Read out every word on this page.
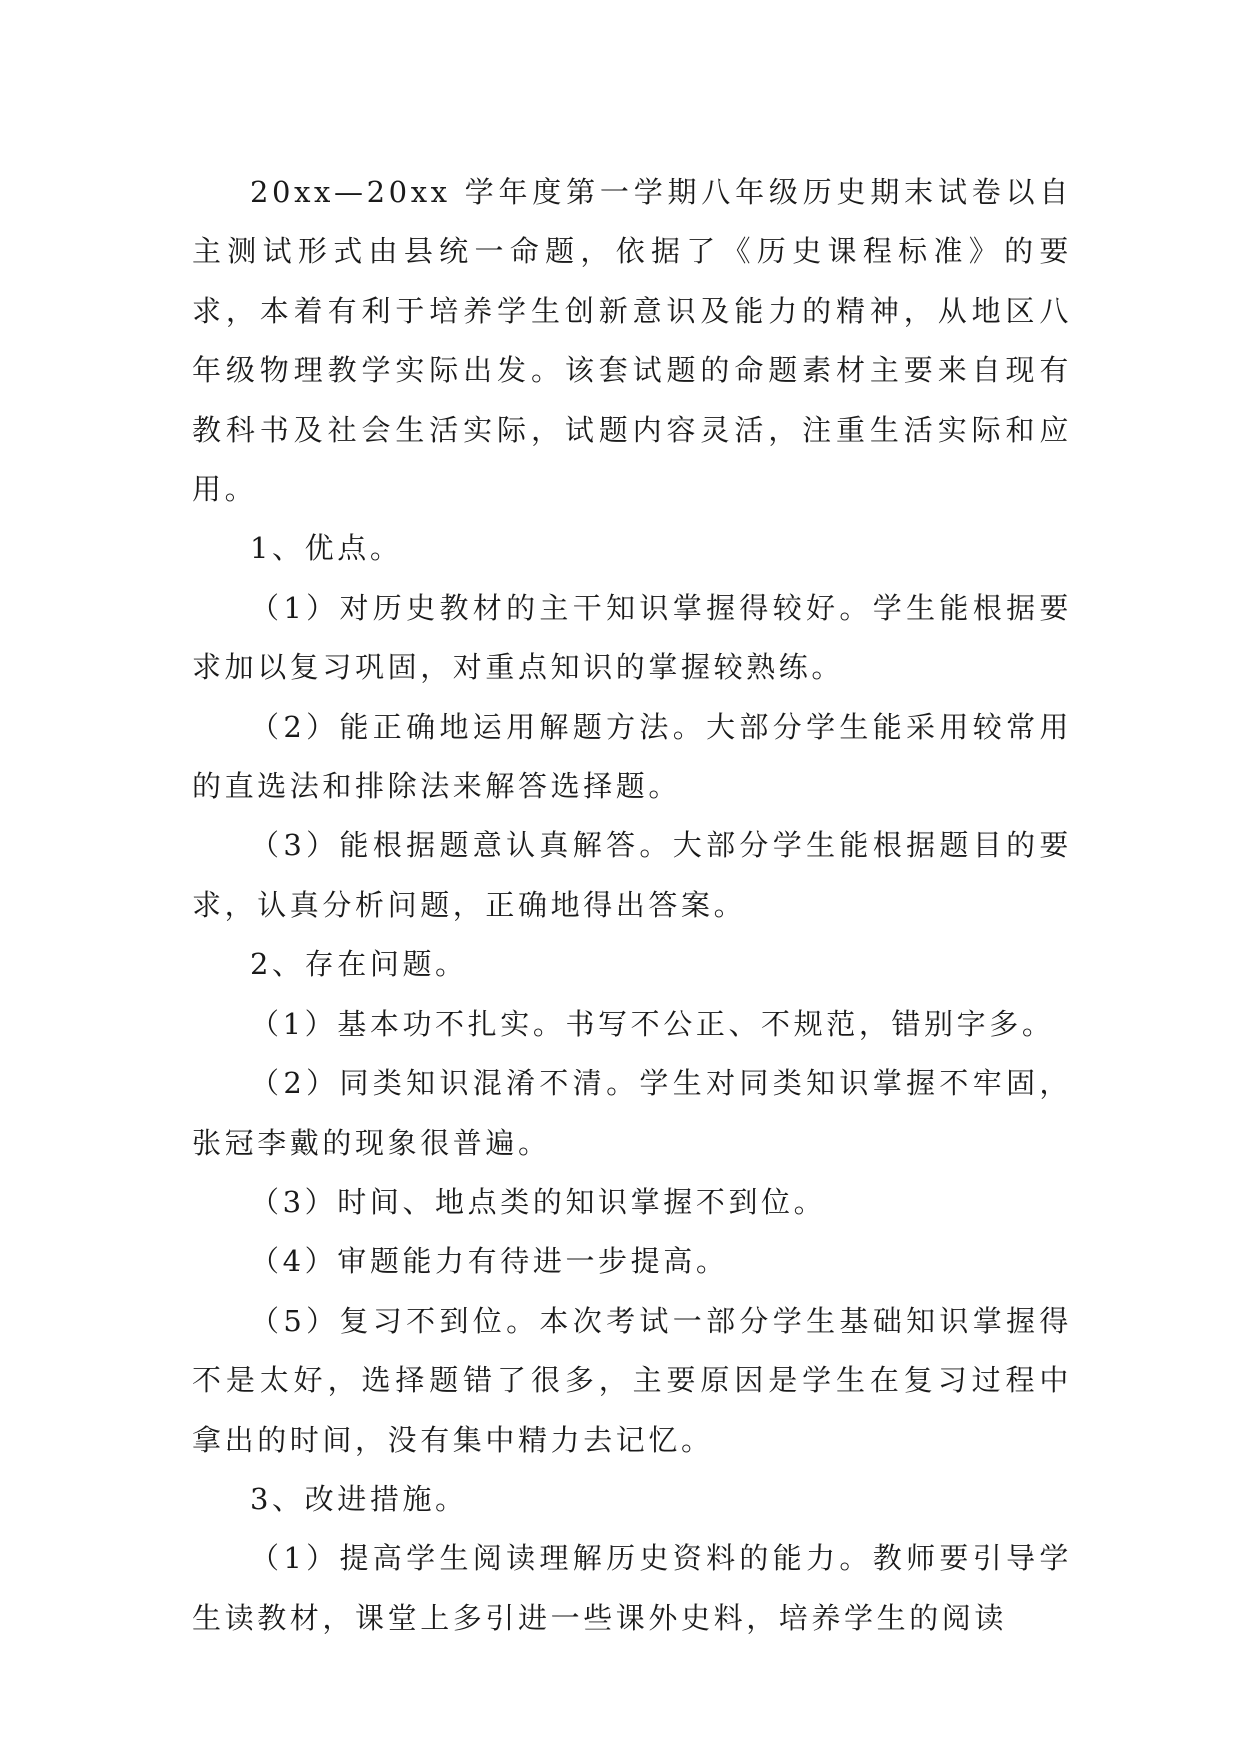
20xx—20xx 学年度第一学期八年级历史期末试卷以自主测试形式由县统一命题，依据了《历史课程标准》的要求，本着有利于培养学生创新意识及能力的精神，从地区八年级物理教学实际出发。该套试题的命题素材主要来自现有教科书及社会生活实际，试题内容灵活，注重生活实际和应用。

1、优点。

（1）对历史教材的主干知识掌握得较好。学生能根据要求加以复习巩固，对重点知识的掌握较熟练。

（2）能正确地运用解题方法。大部分学生能采用较常用的直选法和排除法来解答选择题。

（3）能根据题意认真解答。大部分学生能根据题目的要求，认真分析问题，正确地得出答案。

2、存在问题。

（1）基本功不扎实。书写不公正、不规范，错别字多。

（2）同类知识混淆不清。学生对同类知识掌握不牢固，张冠李戴的现象很普遍。

（3）时间、地点类的知识掌握不到位。

（4）审题能力有待进一步提高。

（5）复习不到位。本次考试一部分学生基础知识掌握得不是太好，选择题错了很多，主要原因是学生在复习过程中拿出的时间，没有集中精力去记忆。

3、改进措施。

（1）提高学生阅读理解历史资料的能力。教师要引导学生读教材，课堂上多引进一些课外史料，培养学生的阅读
